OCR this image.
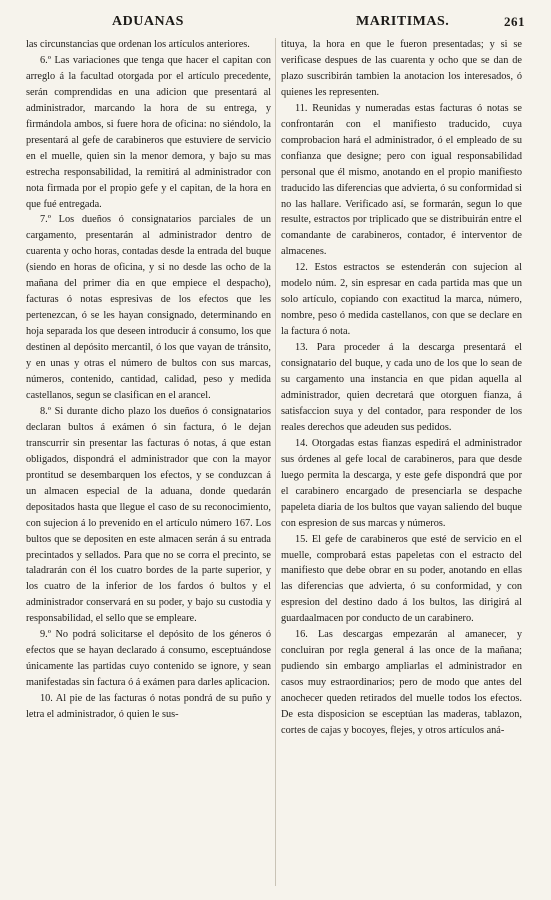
ADUANAS	MARITIMAS.	261

las circunstancias que ordenan los artículos anteriores.

6.º Las variaciones que tenga que hacer el capitan con arreglo á la facultad otorgada por el artículo precedente, serán comprendidas en una adicion que presentará al administrador, marcando la hora de su entrega, y firmándola ambos, si fuere hora de oficina: no siéndolo, la presentará al gefe de carabineros que estuviere de servicio en el muelle, quien sin la menor demora, y bajo su mas estrecha responsabilidad, la remitirá al administrador con nota firmada por el propio gefe y el capitan, de la hora en que fué entregada.

7.º Los dueños ó consignatarios parciales de un cargamento, presentarán al administrador dentro de cuarenta y ocho horas, contadas desde la entrada del buque (siendo en horas de oficina, y si no desde las ocho de la mañana del primer dia en que empiece el despacho), facturas ó notas espresivas de los efectos que les pertenezcan, ó se les hayan consignado, determinando en hoja separada los que deseen introducir á consumo, los que destinen al depósito mercantil, ó los que vayan de tránsito, y en unas y otras el número de bultos con sus marcas, números, contenido, cantidad, calidad, peso y medida castellanos, segun se clasifican en el arancel.

8.º Si durante dicho plazo los dueños ó consignatarios declaran bultos á exámen ó sin factura, ó le dejan transcurrir sin presentar las facturas ó notas, á que estan obligados, dispondrá el administrador que con la mayor prontitud se desembarquen los efectos, y se conduzcan á un almacen especial de la aduana, donde quedarán depositados hasta que llegue el caso de su reconocimiento, con sujecion á lo prevenido en el artículo número 167. Los bultos que se depositen en este almacen serán á su entrada precintados y sellados. Para que no se corra el precinto, se taladrarán con él los cuatro bordes de la parte superior, y los cuatro de la inferior de los fardos ó bultos y el administrador conservará en su poder, y bajo su custodia y responsabilidad, el sello que se empleare.

9.º No podrá solicitarse el depósito de los géneros ó efectos que se hayan declarado á consumo, esceptuándose únicamente las partidas cuyo contenido se ignore, y sean manifestadas sin factura ó á exámen para darles aplicacion.

10. Al pie de las facturas ó notas pondrá de su puño y letra el administrador, ó quien le sus-

tituya, la hora en que le fueron presentadas; y si se verificase despues de las cuarenta y ocho que se dan de plazo suscribirán tambien la anotacion los interesados, ó quienes les representen.

11. Reunidas y numeradas estas facturas ó notas se confrontarán con el manifiesto traducido, cuya comprobacion hará el administrador, ó el empleado de su confianza que designe; pero con igual responsabilidad personal que él mismo, anotando en el propio manifiesto traducido las diferencias que advierta, ó su conformidad si no las hallare. Verificado así, se formarán, segun lo que resulte, estractos por triplicado que se distribuirán entre el comandante de carabineros, contador, é interventor de almacenes.

12. Estos estractos se estenderán con sujecion al modelo núm. 2, sin espresar en cada partida mas que un solo artículo, copiando con exactitud la marca, número, nombre, peso ó medida castellanos, con que se declare en la factura ó nota.

13. Para proceder á la descarga presentará el consignatario del buque, y cada uno de los que lo sean de su cargamento una instancia en que pidan aquella al administrador, quien decretará que otorguen fianza, á satisfaccion suya y del contador, para responder de los reales derechos que adeuden sus pedidos.

14. Otorgadas estas fianzas espedirá el administrador sus órdenes al gefe local de carabineros, para que desde luego permita la descarga, y este gefe dispondrá que por el carabinero encargado de presenciarla se despache papeleta diaria de los bultos que vayan saliendo del buque con espresion de sus marcas y números.

15. El gefe de carabineros que esté de servicio en el muelle, comprobará estas papeletas con el estracto del manifiesto que debe obrar en su poder, anotando en ellas las diferencias que advierta, ó su conformidad, y con espresion del destino dado á los bultos, las dirigirá al guardaalmacen por conducto de un carabinero.

16. Las descargas empezarán al amanecer, y concluiran por regla general á las once de la mañana; pudiendo sin embargo ampliarlas el administrador en casos muy estraordinarios; pero de modo que antes del anochecer queden retirados del muelle todos los efectos. De esta disposicion se esceptúan las maderas, tablazon, cortes de cajas y bocoyes, flejes, y otros artículos aná-
